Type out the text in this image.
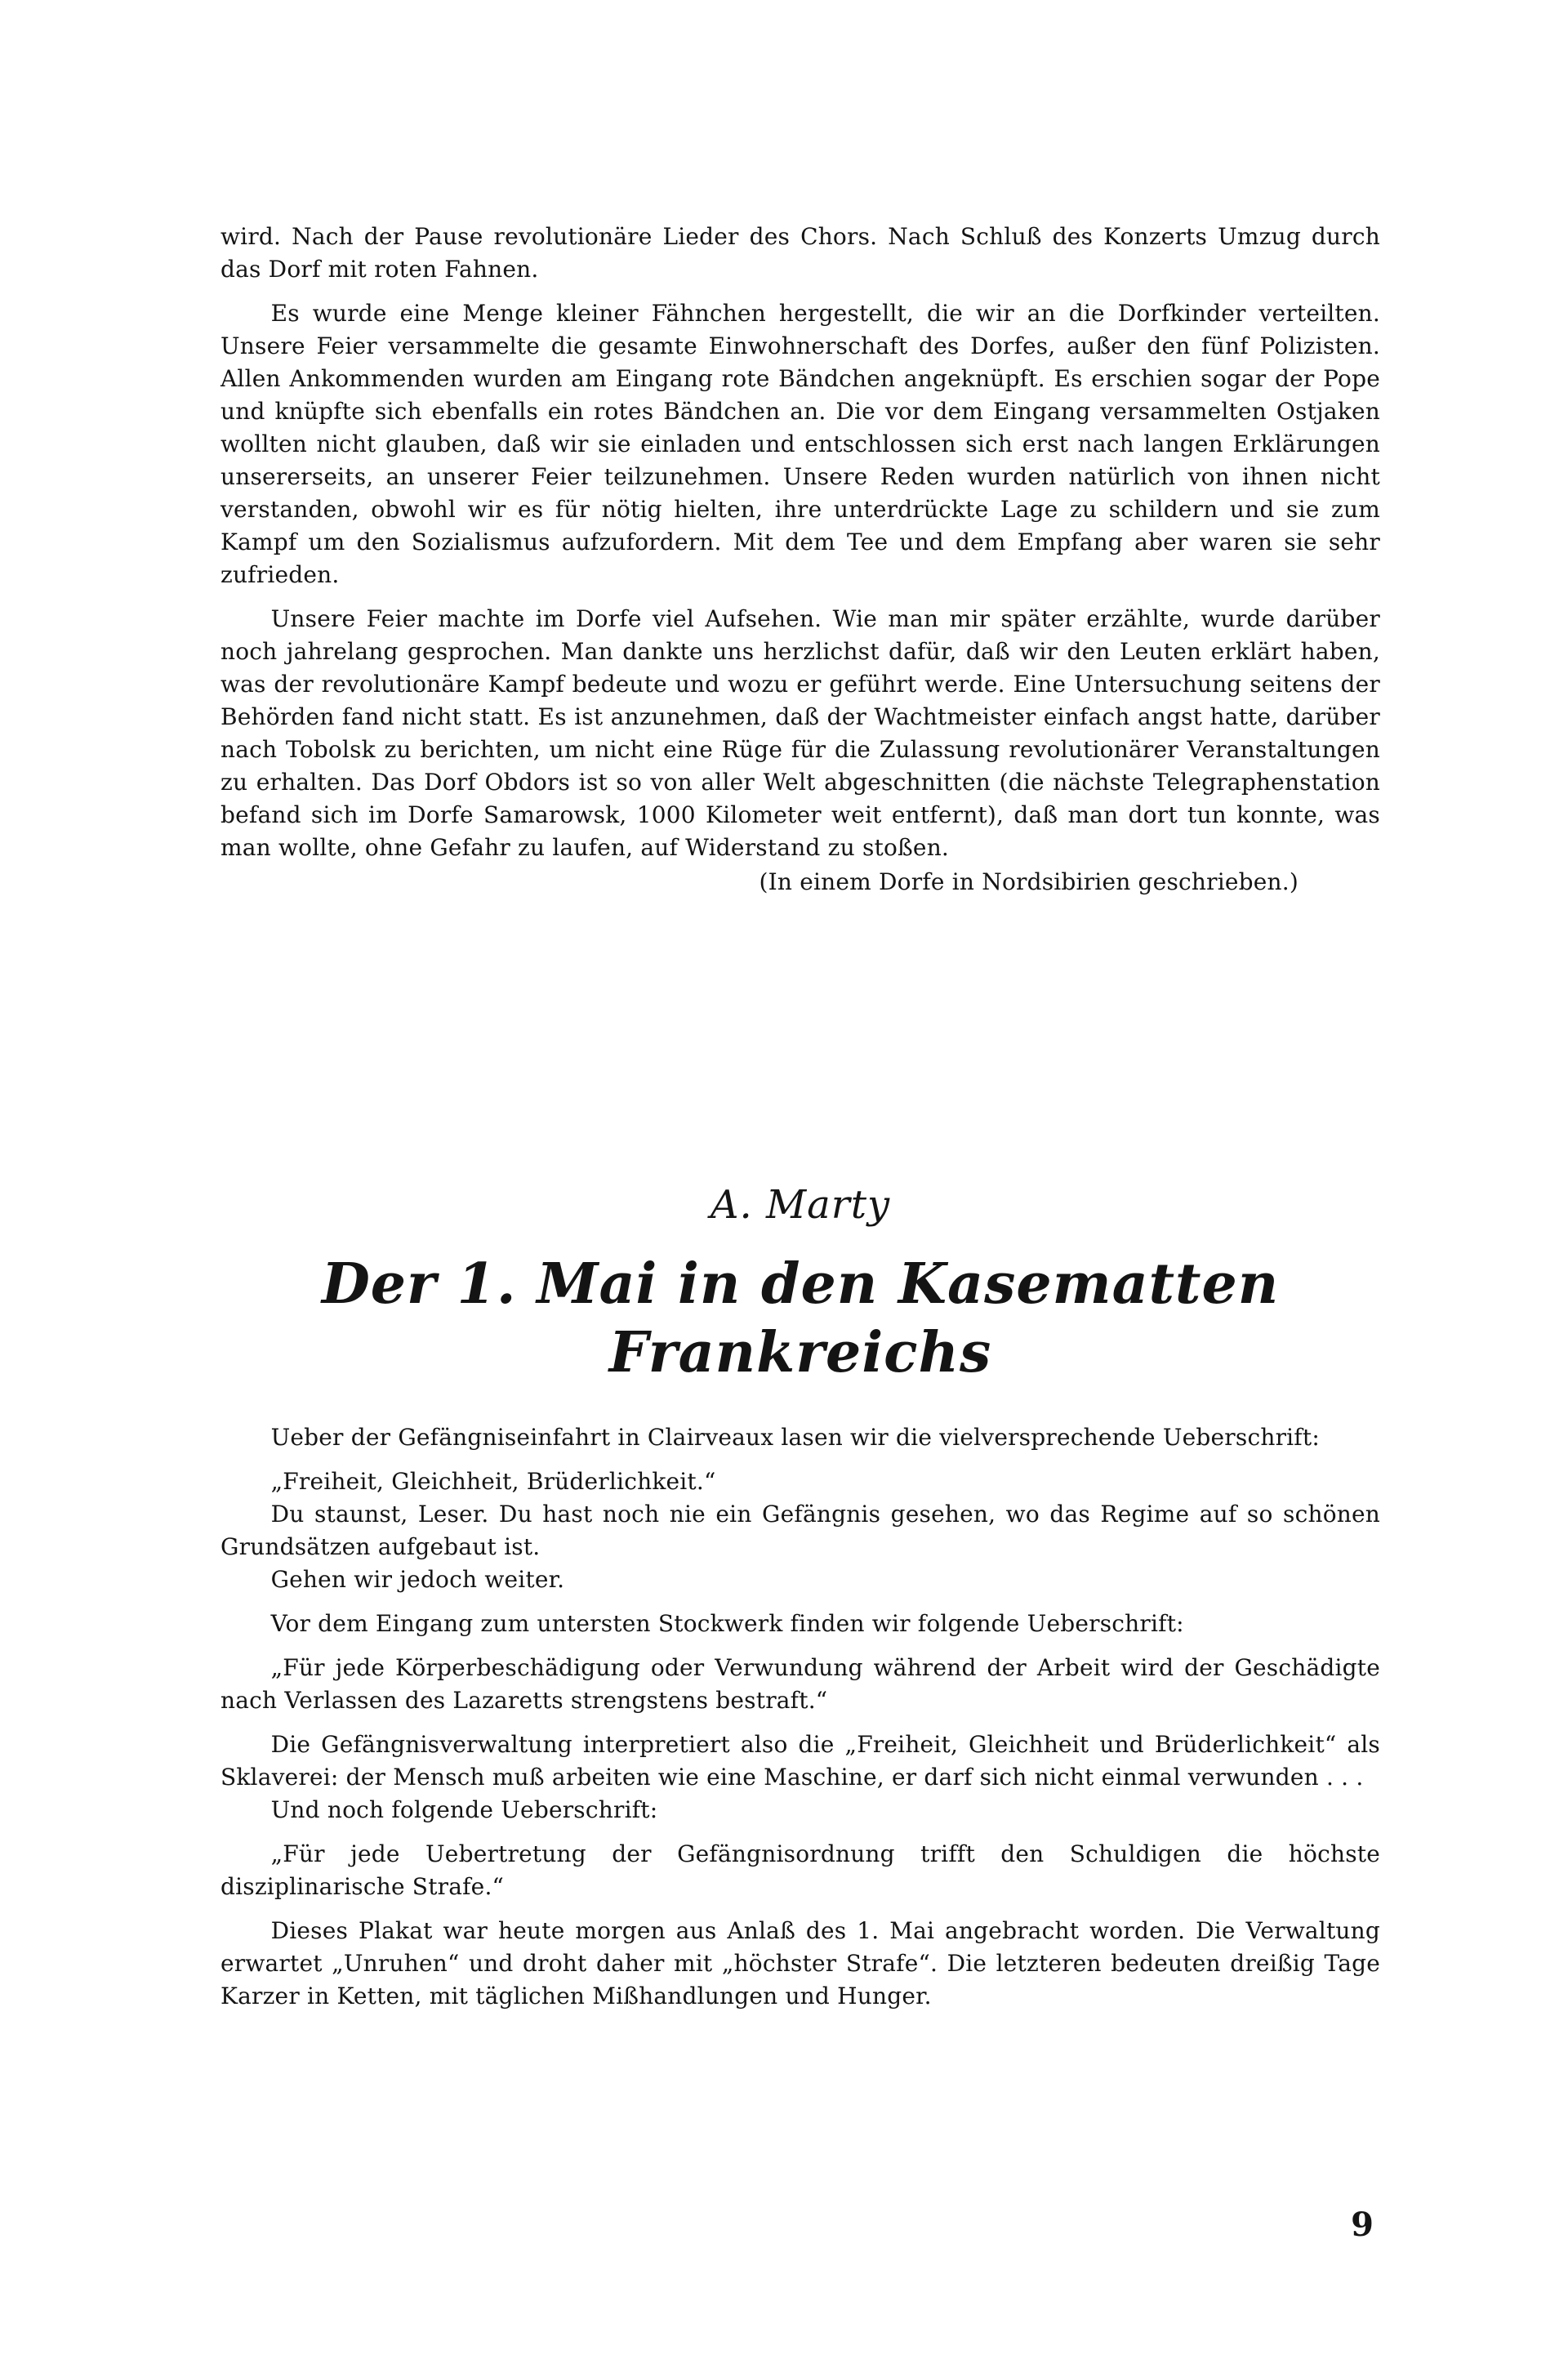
wird. Nach der Pause revolutionäre Lieder des Chors. Nach Schluß des Konzerts Umzug durch das Dorf mit roten Fahnen.

Es wurde eine Menge kleiner Fähnchen hergestellt, die wir an die Dorfkinder verteilten. Unsere Feier versammelte die gesamte Einwohnerschaft des Dorfes, außer den fünf Polizisten. Allen Ankommenden wurden am Eingang rote Bändchen angeknüpft. Es erschien sogar der Pope und knüpfte sich ebenfalls ein rotes Bändchen an. Die vor dem Eingang versammelten Ostjaken wollten nicht glauben, daß wir sie einladen und entschlossen sich erst nach langen Erklärungen unsererseits, an unserer Feier teilzunehmen. Unsere Reden wurden natürlich von ihnen nicht verstanden, obwohl wir es für nötig hielten, ihre unterdrückte Lage zu schildern und sie zum Kampf um den Sozialismus aufzufordern. Mit dem Tee und dem Empfang aber waren sie sehr zufrieden.

Unsere Feier machte im Dorfe viel Aufsehen. Wie man mir später erzählte, wurde darüber noch jahrelang gesprochen. Man dankte uns herzlichst dafür, daß wir den Leuten erklärt haben, was der revolutionäre Kampf bedeute und wozu er geführt werde. Eine Untersuchung seitens der Behörden fand nicht statt. Es ist anzunehmen, daß der Wachtmeister einfach angst hatte, darüber nach Tobolsk zu berichten, um nicht eine Rüge für die Zulassung revolutionärer Veranstaltungen zu erhalten. Das Dorf Obdors ist so von aller Welt abgeschnitten (die nächste Telegraphenstation befand sich im Dorfe Samarowsk, 1000 Kilometer weit entfernt), daß man dort tun konnte, was man wollte, ohne Gefahr zu laufen, auf Widerstand zu stoßen.

(In einem Dorfe in Nordsibirien geschrieben.)

A. Marty

Der 1. Mai in den Kasematten

Frankreichs

Ueber der Gefängniseinfahrt in Clairveaux lasen wir die vielversprechende Ueberschrift:

„Freiheit, Gleichheit, Brüderlichkeit.“

Du staunst, Leser. Du hast noch nie ein Gefängnis gesehen, wo das Regime auf so schönen Grundsätzen aufgebaut ist.

Gehen wir jedoch weiter.

Vor dem Eingang zum untersten Stockwerk finden wir folgende Ueberschrift:

„Für jede Körperbeschädigung oder Verwundung während der Arbeit wird der Geschädigte nach Verlassen des Lazaretts strengstens bestraft.“

Die Gefängnisverwaltung interpretiert also die „Freiheit, Gleichheit und Brüderlichkeit“ als Sklaverei: der Mensch muß arbeiten wie eine Maschine, er darf sich nicht einmal verwunden . . .

Und noch folgende Ueberschrift:

„Für jede Uebertretung der Gefängnisordnung trifft den Schuldigen die höchste disziplinarische Strafe.“

Dieses Plakat war heute morgen aus Anlaß des 1. Mai angebracht worden. Die Verwaltung erwartet „Unruhen“ und droht daher mit „höchster Strafe“. Die letzteren bedeuten dreißig Tage Karzer in Ketten, mit täglichen Mißhandlungen und Hunger.

9
